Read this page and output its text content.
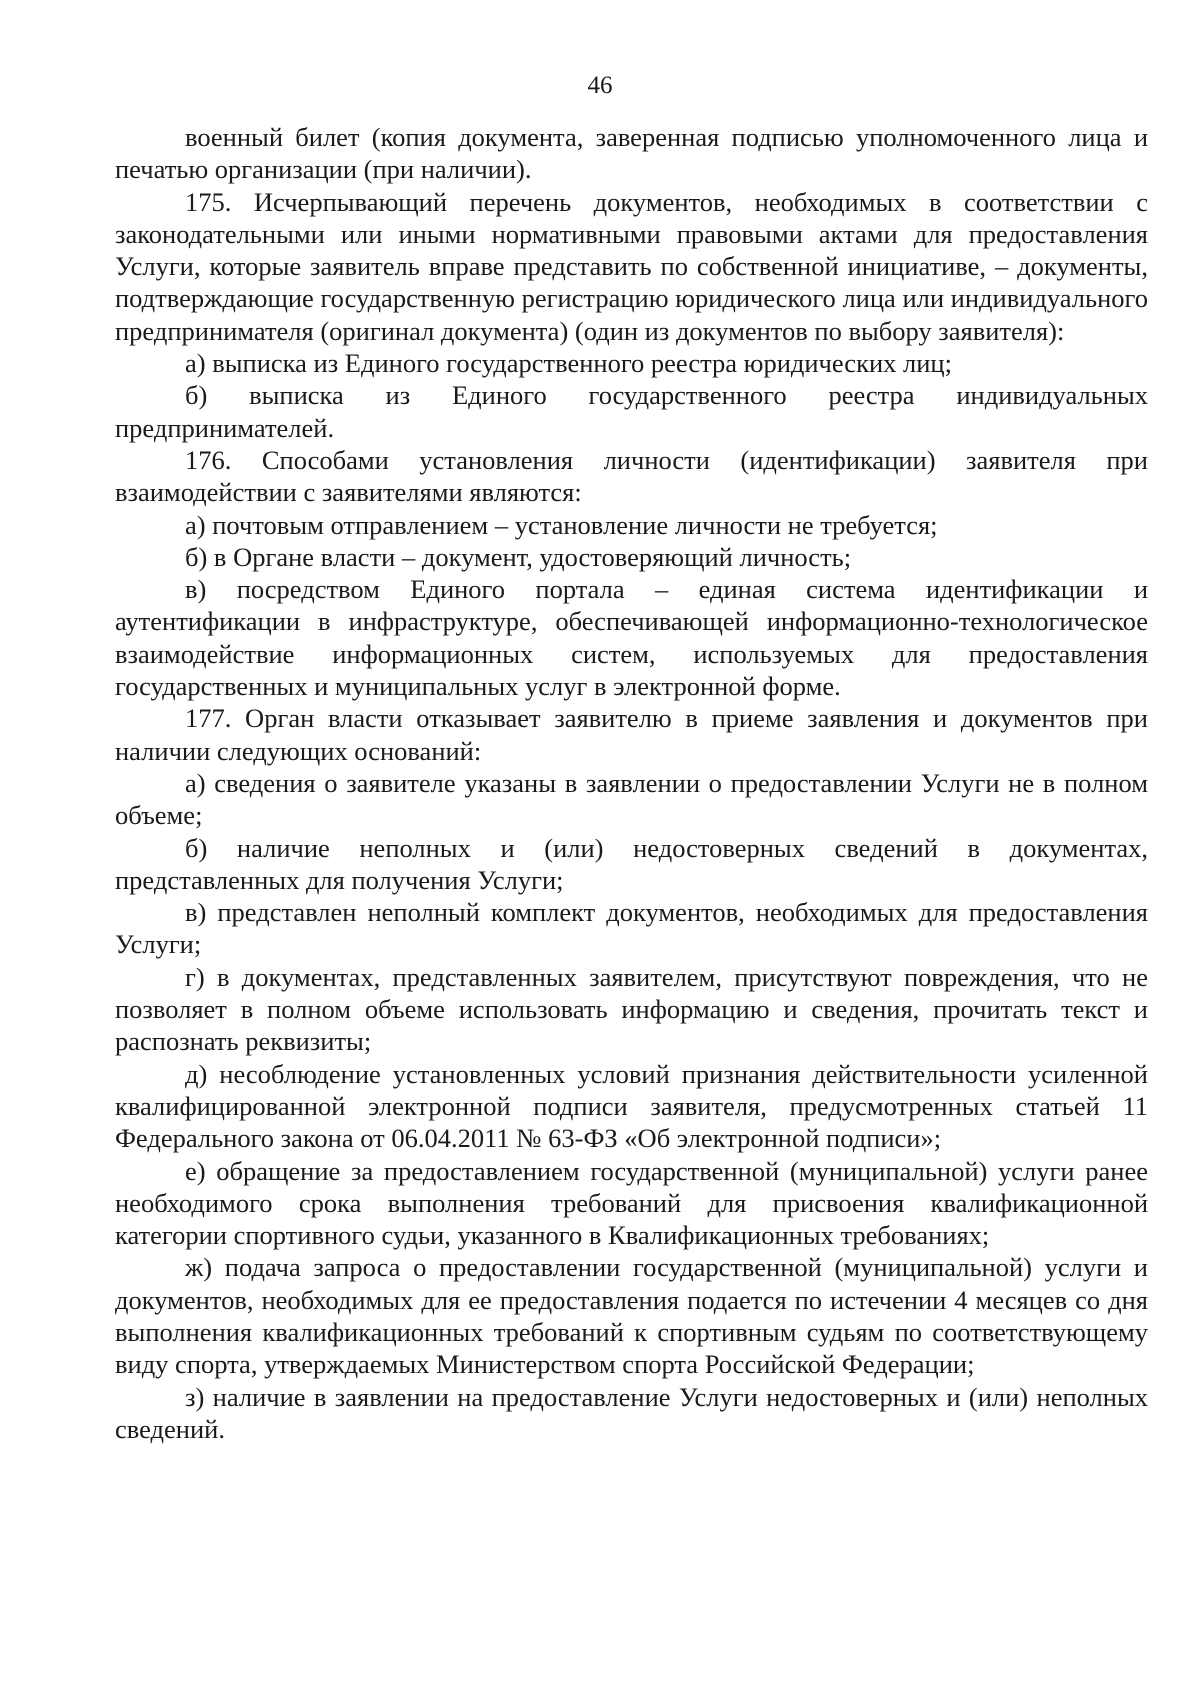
46

военный билет (копия документа, заверенная подписью уполномоченного лица и печатью организации (при наличии).

175. Исчерпывающий перечень документов, необходимых в соответствии с законодательными или иными нормативными правовыми актами для предоставления Услуги, которые заявитель вправе представить по собственной инициативе, – документы, подтверждающие государственную регистрацию юридического лица или индивидуального предпринимателя (оригинал документа) (один из документов по выбору заявителя):

а) выписка из Единого государственного реестра юридических лиц;

б) выписка из Единого государственного реестра индивидуальных предпринимателей.

176. Способами установления личности (идентификации) заявителя при взаимодействии с заявителями являются:

а) почтовым отправлением – установление личности не требуется;

б) в Органе власти – документ, удостоверяющий личность;

в) посредством Единого портала – единая система идентификации и аутентификации в инфраструктуре, обеспечивающей информационно-технологическое взаимодействие информационных систем, используемых для предоставления государственных и муниципальных услуг в электронной форме.

177. Орган власти отказывает заявителю в приеме заявления и документов при наличии следующих оснований:

а) сведения о заявителе указаны в заявлении о предоставлении Услуги не в полном объеме;

б) наличие неполных и (или) недостоверных сведений в документах, представленных для получения Услуги;

в) представлен неполный комплект документов, необходимых для предоставления Услуги;

г) в документах, представленных заявителем, присутствуют повреждения, что не позволяет в полном объеме использовать информацию и сведения, прочитать текст и распознать реквизиты;

д) несоблюдение установленных условий признания действительности усиленной квалифицированной электронной подписи заявителя, предусмотренных статьей 11 Федерального закона от 06.04.2011 № 63-ФЗ «Об электронной подписи»;

е) обращение за предоставлением государственной (муниципальной) услуги ранее необходимого срока выполнения требований для присвоения квалификационной категории спортивного судьи, указанного в Квалификационных требованиях;

ж) подача запроса о предоставлении государственной (муниципальной) услуги и документов, необходимых для ее предоставления подается по истечении 4 месяцев со дня выполнения квалификационных требований к спортивным судьям по соответствующему виду спорта, утверждаемых Министерством спорта Российской Федерации;

з) наличие в заявлении на предоставление Услуги недостоверных и (или) неполных сведений.
